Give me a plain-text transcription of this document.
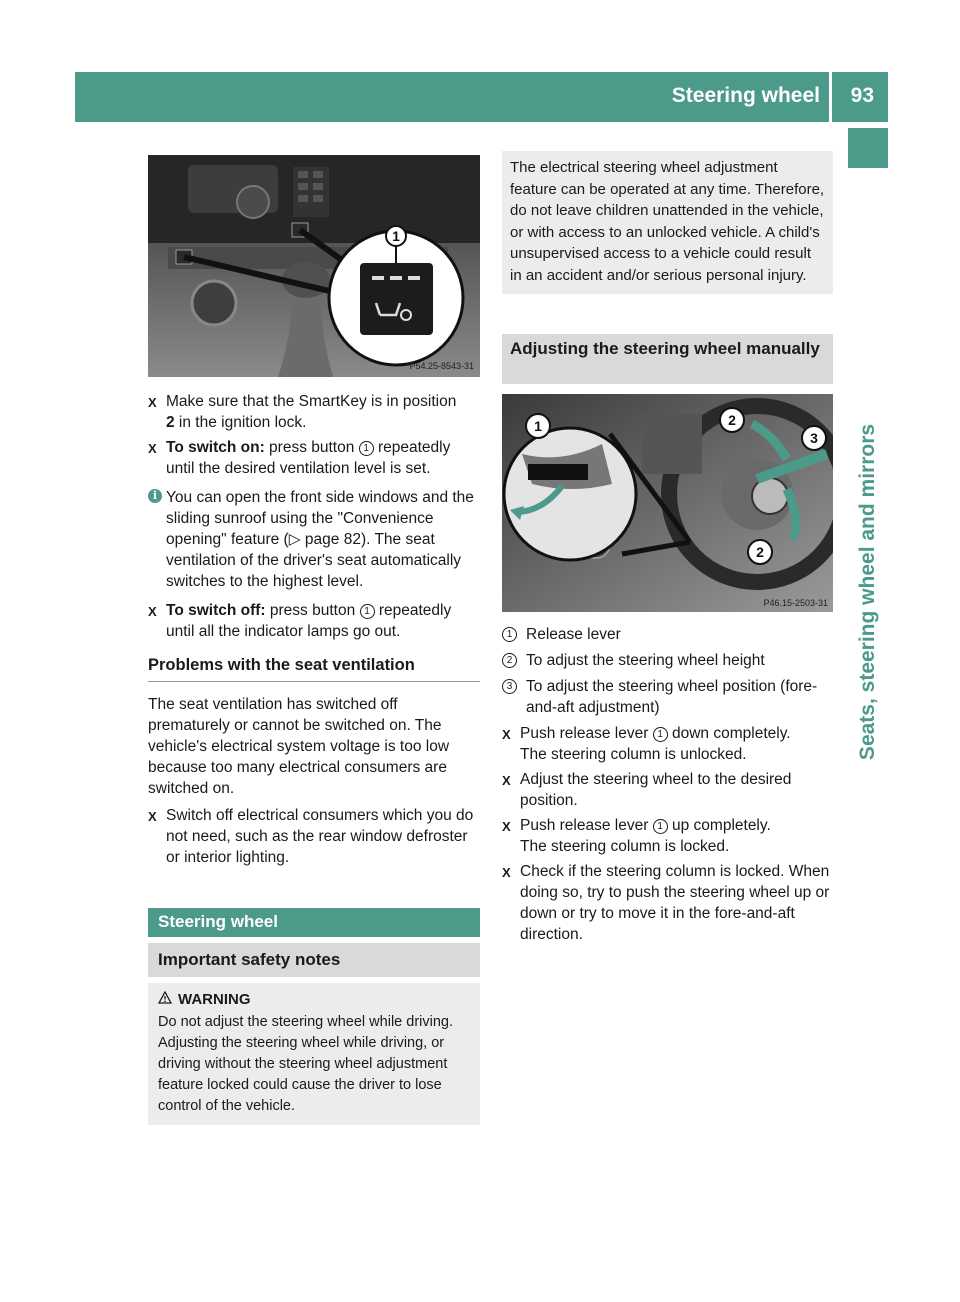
Steering wheel 93
Seats, steering wheel and mirrors
1
P54.25-8543-31
X Make sure that the SmartKey is in position
2 in the ignition lock.
X To switch on: press button 1 repeatedly until the desired ventilation level is set.
i You can open the front side windows and the sliding sunroof using the "Convenience opening" feature (▷ page 82). The seat ventilation of the driver's seat automatically switches to the highest level.
X To switch off: press button 1 repeatedly until all the indicator lamps go out.
Problems with the seat ventilation

The seat ventilation has switched off prematurely or cannot be switched on. The vehicle's electrical system voltage is too low because too many electrical consumers are switched on.

X Switch off electrical consumers which you do not need, such as the rear window defroster or interior lighting.
Steering wheel
Important safety notes
WARNING

Do not adjust the steering wheel while driving. Adjusting the steering wheel while driving, or driving without the steering wheel adjustment feature locked could cause the driver to lose control of the vehicle.

The electrical steering wheel adjustment feature can be operated at any time. Therefore, do not leave children unattended in the vehicle, or with access to an unlocked vehicle. A child's unsupervised access to a vehicle could result in an accident and/or serious personal injury.

Adjusting the steering wheel manually
1	2
3
2
P46.15-2503-31
1 Release lever
2 To adjust the steering wheel height
3 To adjust the steering wheel position (fore-and-aft adjustment)
X Push release lever 1 down completely.
The steering column is unlocked.
X Adjust the steering wheel to the desired position.
X Push release lever 1 up completely.
The steering column is locked.
X Check if the steering column is locked. When doing so, try to push the steering wheel up or down or try to move it in the fore-and-aft direction.
